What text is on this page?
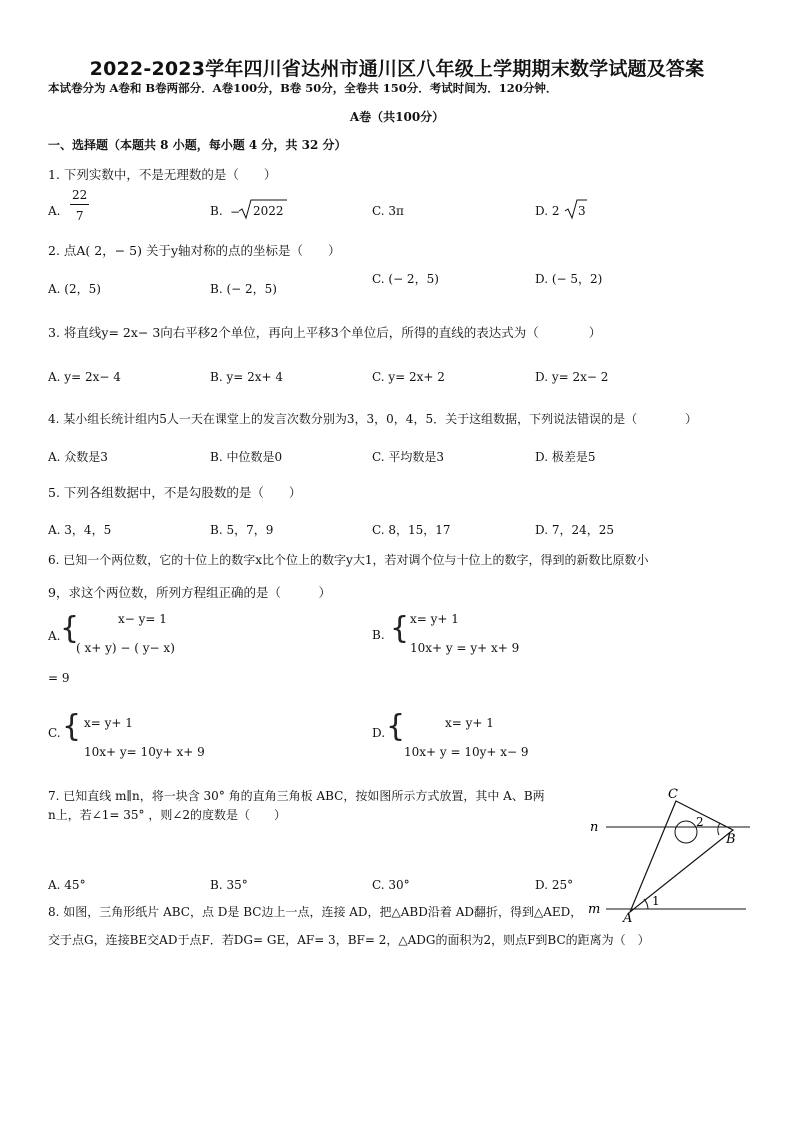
2022-2023学年四川省达州市通川区八年级上学期期末数学试题及答案
本试卷分为 A卷和 B卷两部分．A卷100分，B卷 50分，全卷共 150分．考试时间为．120分钟．
A卷（共100分）
一、选择题（本题共 8 小题，每小题 4 分，共 32 分）
1. 下列实数中，不是无理数的是（　　）
A. $\frac{22}{7}$	B. − 2022	C. 3π	D. 2 3
2. 点A( 2，− 5) 关于y轴对称的点的坐标是（　　）
A. (2，5)	B. (− 2，5)
C. (− 2，5)	D. (− 5，2)
3. 将直线y= 2x− 3向右平移2个单位，再向上平移3个单位后，所得的直线的表达式为（　　　　）
A. y= 2x− 4	B. y= 2x+ 4	C. y= 2x+ 2	D. y= 2x− 2
4. 某小组长统计组内5人一天在课堂上的发言次数分别为3，3，0，4，5．关于这组数据，下列说法错误的是（　　　　）
A. 众数是3	B. 中位数是0	C. 平均数是3	D. 极差是5
5. 下列各组数据中，不是勾股数的是（　　）
A. 3，4，5	B. 5，7，9	C. 8，15，17	D. 7，24，25
6. 已知一个两位数，它的十位上的数字x比个位上的数字y大1，若对调个位与十位上的数字，得到的新数比原数小
9，求这个两位数，所列方程组正确的是（　　　）
A. {	x− y= 1
( x+ y) − ( y− x)
= 9
B. { x= y+ 1
10x+ y = y+ x+ 9
C. { x= y+ 1
10x+ y= 10y+ x+ 9
D. {	x= y+ 1
10x+ y = 10y+ x− 9
7. 已知直线 m∥n，将一块含 30° 角的直角三角板 ABC，按如图所示方式放置，其中 A、B两
n上，若∠1= 35° ，则∠2的度数是（　　）
A. 45°	B. 35°	C. 30°	D. 25°
8. 如图，三角形纸片 ABC，点 D是 BC边上一点，连接 AD，把△ABD沿着 AD翻折，得到△AED，
交于点G，连接BE交AD于点F．若DG= GE，AF= 3，BF= 2，△ADG的面积为2，则点F到BC的距离为（　）
C
B
A
n
m
1
2
